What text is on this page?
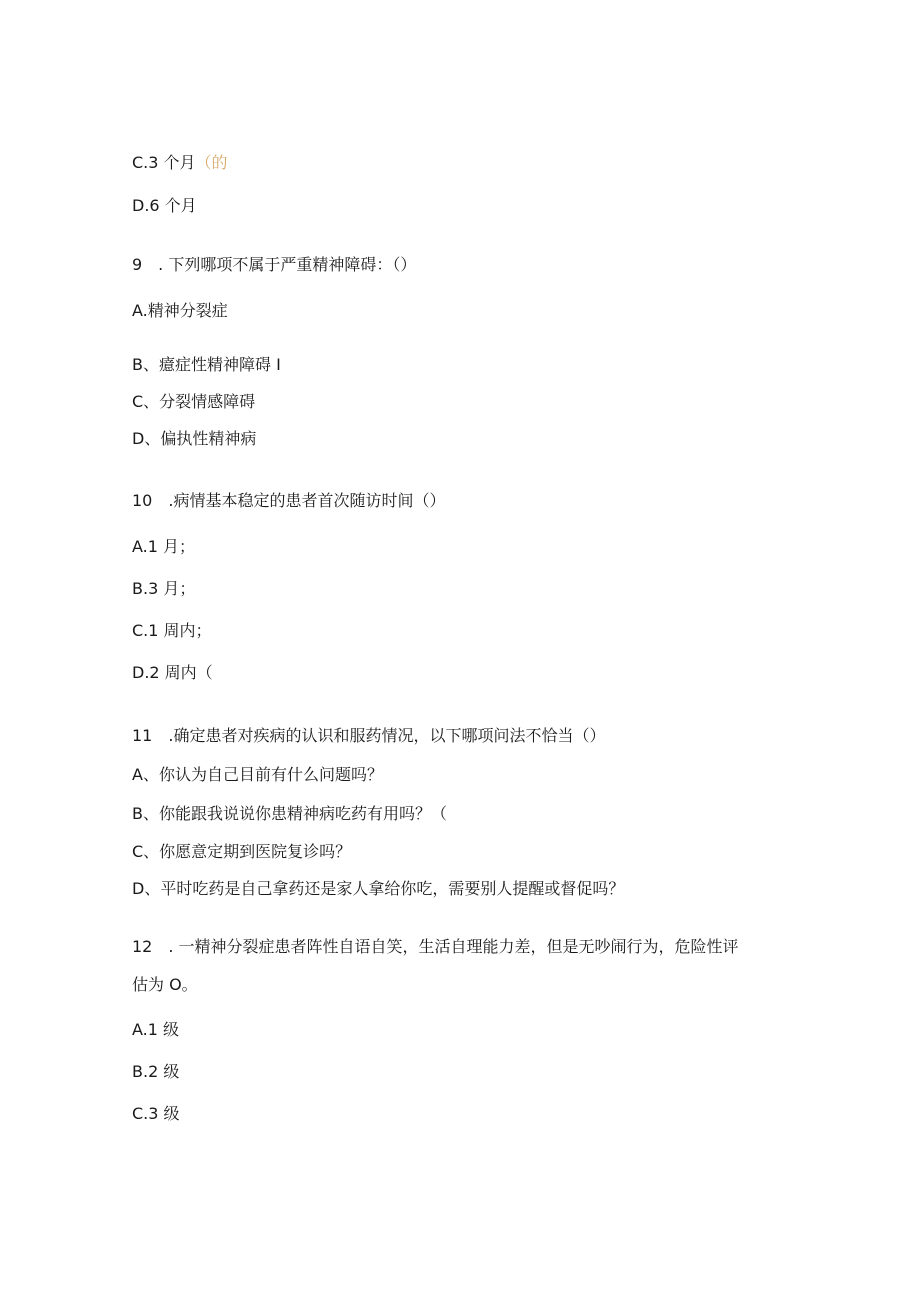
C.3 个月（的
D.6 个月
9　. 下列哪项不属于严重精神障碍：（）
A.精神分裂症
B、癔症性精神障碍 I
C、分裂情感障碍
D、偏执性精神病
10　.病情基本稳定的患者首次随访时间（）
A.1 月；
B.3 月；
C.1 周内；
D.2 周内（
11　.确定患者对疾病的认识和服药情况，以下哪项问法不恰当（）
A、你认为自己目前有什么问题吗？
B、你能跟我说说你患精神病吃药有用吗？（
C、你愿意定期到医院复诊吗？
D、平时吃药是自己拿药还是家人拿给你吃，需要别人提醒或督促吗？
12　. 一精神分裂症患者阵性自语自笑，生活自理能力差，但是无吵闹行为，危险性评
估为 O。
A.1 级
B.2 级
C.3 级
